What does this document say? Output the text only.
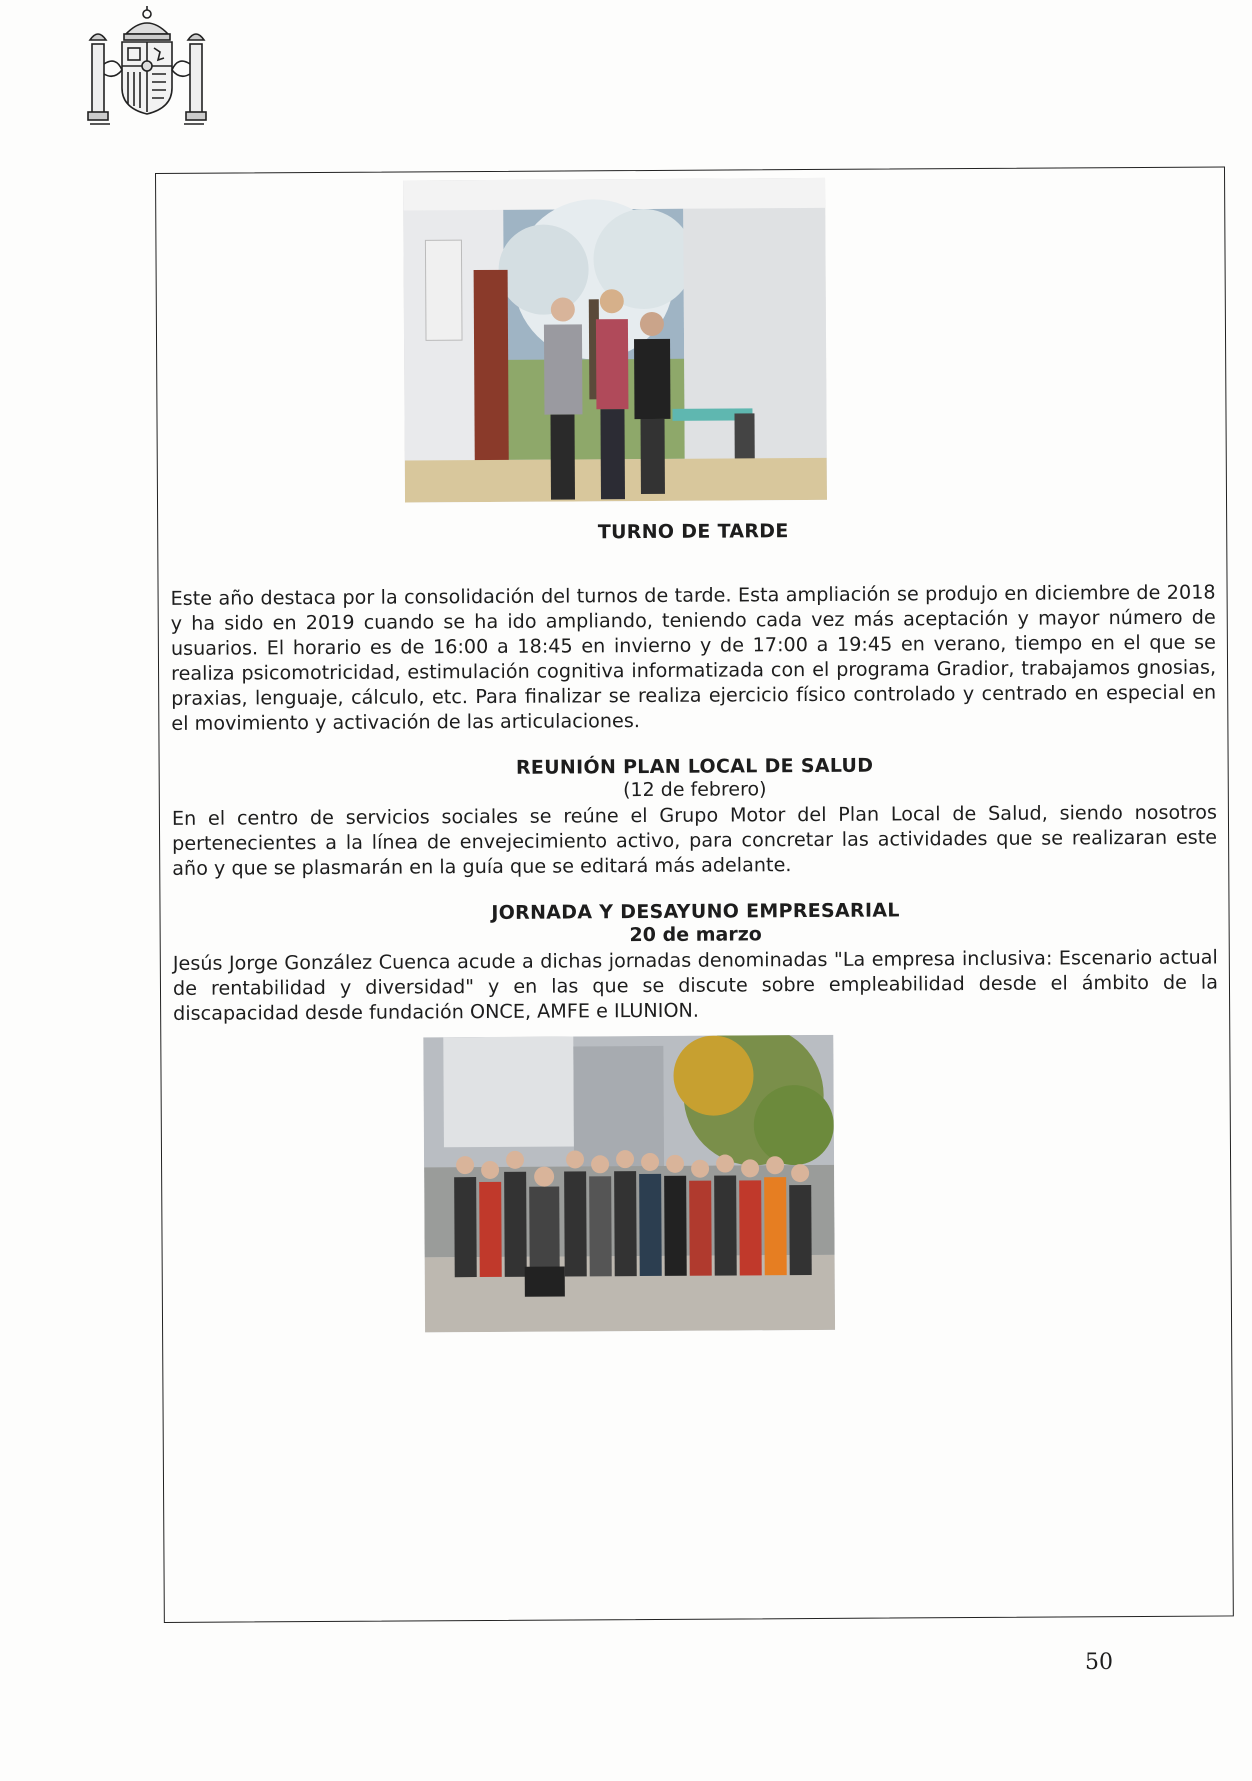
TURNO DE TARDE

Este año destaca por la consolidación del turnos de tarde. Esta ampliación se produjo en diciembre de 2018 y ha sido en 2019 cuando se ha ido ampliando, teniendo cada vez más aceptación y mayor número de usuarios. El horario es de 16:00 a 18:45 en invierno y de 17:00 a 19:45 en verano, tiempo en el que se realiza psicomotricidad, estimulación cognitiva informatizada con el programa Gradior, trabajamos gnosias, praxias, lenguaje, cálculo, etc. Para finalizar se realiza ejercicio físico controlado y centrado en especial en el movimiento y activación de las articulaciones.

REUNIÓN PLAN LOCAL DE SALUD

(12 de febrero)

En el centro de servicios sociales se reúne el Grupo Motor del Plan Local de Salud, siendo nosotros pertenecientes a la línea de envejecimiento activo, para concretar las actividades que se realizaran este año y que se plasmarán en la guía que se editará más adelante.

JORNADA Y DESAYUNO EMPRESARIAL

20 de marzo

Jesús Jorge González Cuenca acude a dichas jornadas denominadas "La empresa inclusiva: Escenario actual de rentabilidad y diversidad" y en las que se discute sobre empleabilidad desde el ámbito de la discapacidad desde fundación ONCE, AMFE e ILUNION.

50
